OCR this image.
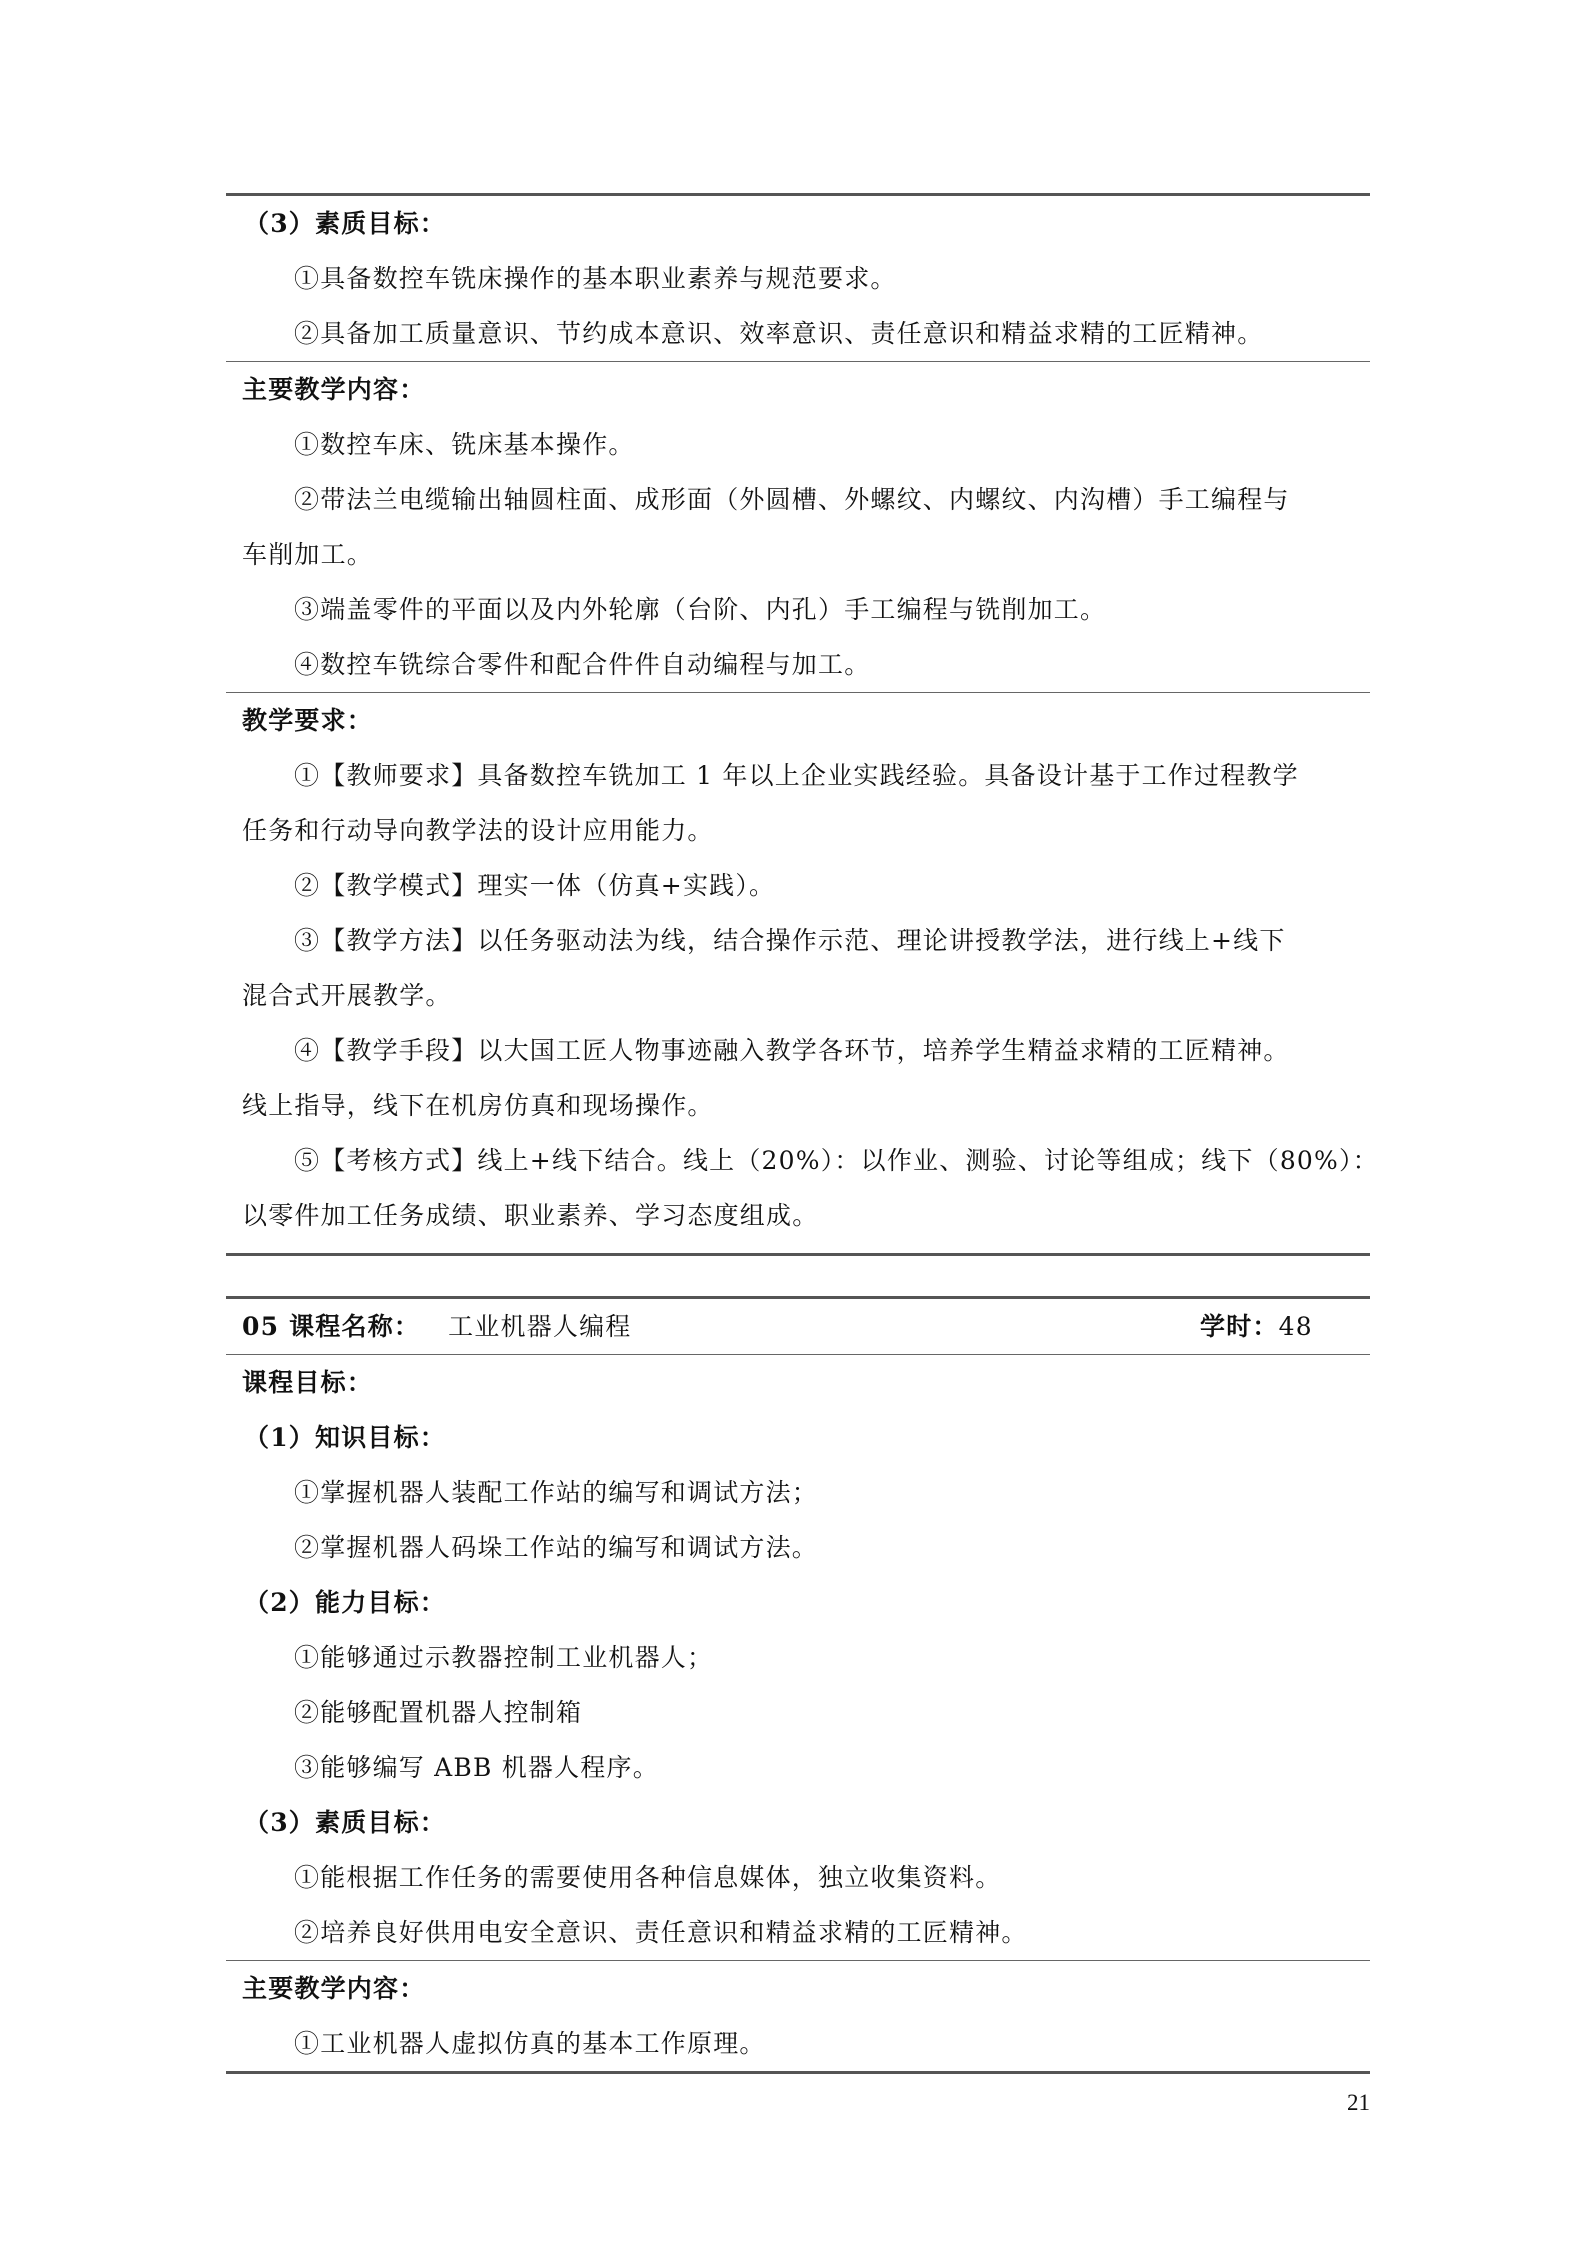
（3）素质目标：
①具备数控车铣床操作的基本职业素养与规范要求。
②具备加工质量意识、节约成本意识、效率意识、责任意识和精益求精的工匠精神。
主要教学内容：
①数控车床、铣床基本操作。
②带法兰电缆输出轴圆柱面、成形面（外圆槽、外螺纹、内螺纹、内沟槽）手工编程与
车削加工。
③端盖零件的平面以及内外轮廓（台阶、内孔）手工编程与铣削加工。
④数控车铣综合零件和配合件件自动编程与加工。
教学要求：
①【教师要求】具备数控车铣加工 1 年以上企业实践经验。具备设计基于工作过程教学
任务和行动导向教学法的设计应用能力。
②【教学模式】理实一体（仿真+实践）。
③【教学方法】以任务驱动法为线，结合操作示范、理论讲授教学法，进行线上+线下
混合式开展教学。
④【教学手段】以大国工匠人物事迹融入教学各环节，培养学生精益求精的工匠精神。
线上指导，线下在机房仿真和现场操作。
⑤【考核方式】线上+线下结合。线上（20%）：以作业、测验、讨论等组成；线下（80%）：
以零件加工任务成绩、职业素养、学习态度组成。
05 课程名称： 工业机器人编程	学时：48
课程目标：
（1）知识目标：
①掌握机器人装配工作站的编写和调试方法；
②掌握机器人码垛工作站的编写和调试方法。
（2）能力目标：
①能够通过示教器控制工业机器人；
②能够配置机器人控制箱
③能够编写 ABB 机器人程序。
（3）素质目标：
①能根据工作任务的需要使用各种信息媒体，独立收集资料。
②培养良好供用电安全意识、责任意识和精益求精的工匠精神。
主要教学内容：
①工业机器人虚拟仿真的基本工作原理。
21
